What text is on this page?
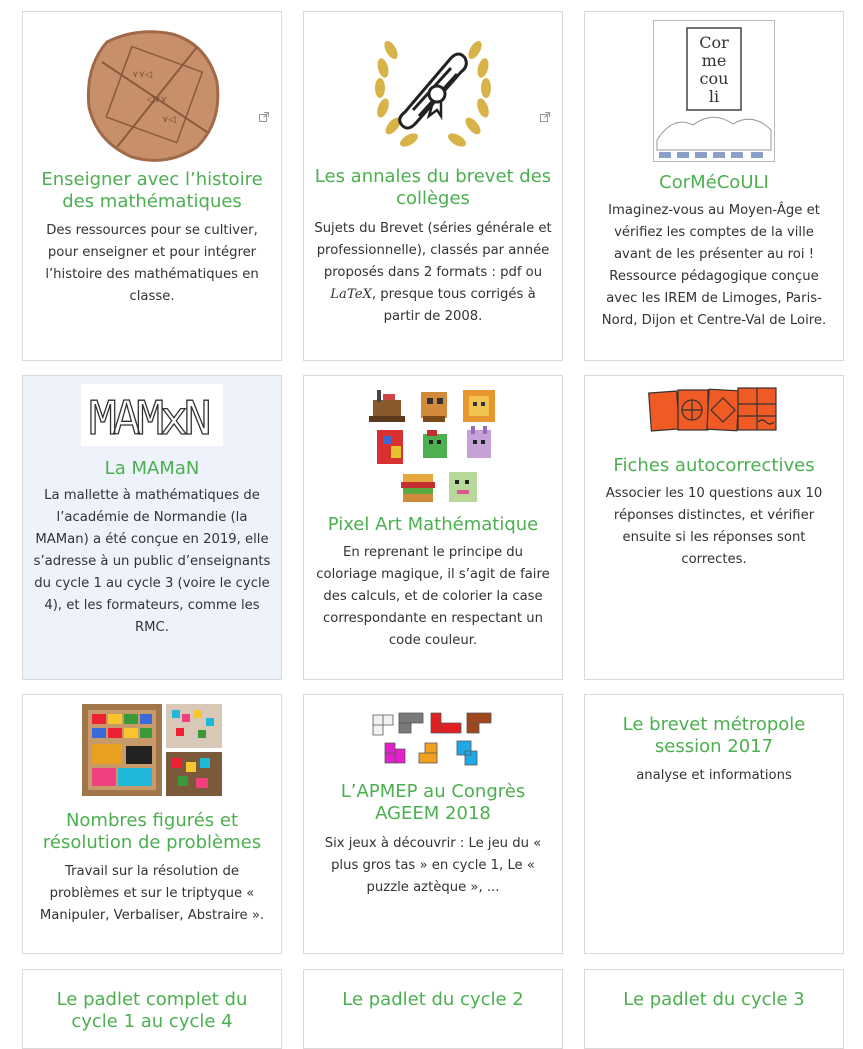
⋎⋎◁
◁⋎⋎
⋎◁
Enseigner avec l’histoire des mathématiques

Des ressources pour se cultiver, pour enseigner et pour intégrer l’histoire des mathématiques en classe.

Les annales du brevet des collèges

Sujets du Brevet (séries générale et professionnelle), classés par année proposés dans 2 formats : pdf ou LaTeX, presque tous corrigés à partir de 2008.

Cor
me
cou
li
CorMéCoULI

Imaginez-vous au Moyen-Âge et vérifiez les comptes de la ville avant de les présenter au roi ! Ressource pédagogique conçue avec les IREM de Limoges, Paris-Nord, Dijon et Centre-Val de Loire.

MAMxN
La MAMaN

La mallette à mathématiques de l’académie de Normandie (la MAMan) a été conçue en 2019, elle s’adresse à un public d’enseignants du cycle 1 au cycle 3 (voire le cycle 4), et les formateurs, comme les RMC.

Pixel Art Mathématique

En reprenant le principe du coloriage magique, il s’agit de faire des calculs, et de colorier la case correspondante en respectant un code couleur.

Fiches autocorrectives

Associer les 10 questions aux 10 réponses distinctes, et vérifier ensuite si les réponses sont correctes.

Nombres figurés et résolution de problèmes

Travail sur la résolution de problèmes et sur le triptyque « Manipuler, Verbaliser, Abstraire ».

L’APMEP au Congrès AGEEM 2018

Six jeux à découvrir : Le jeu du « plus gros tas » en cycle 1, Le « puzzle aztèque », ...

Le brevet métropole session 2017

analyse et informations

Le padlet complet du cycle 1 au cycle 4
Le padlet du cycle 2	Le padlet du cycle 3
